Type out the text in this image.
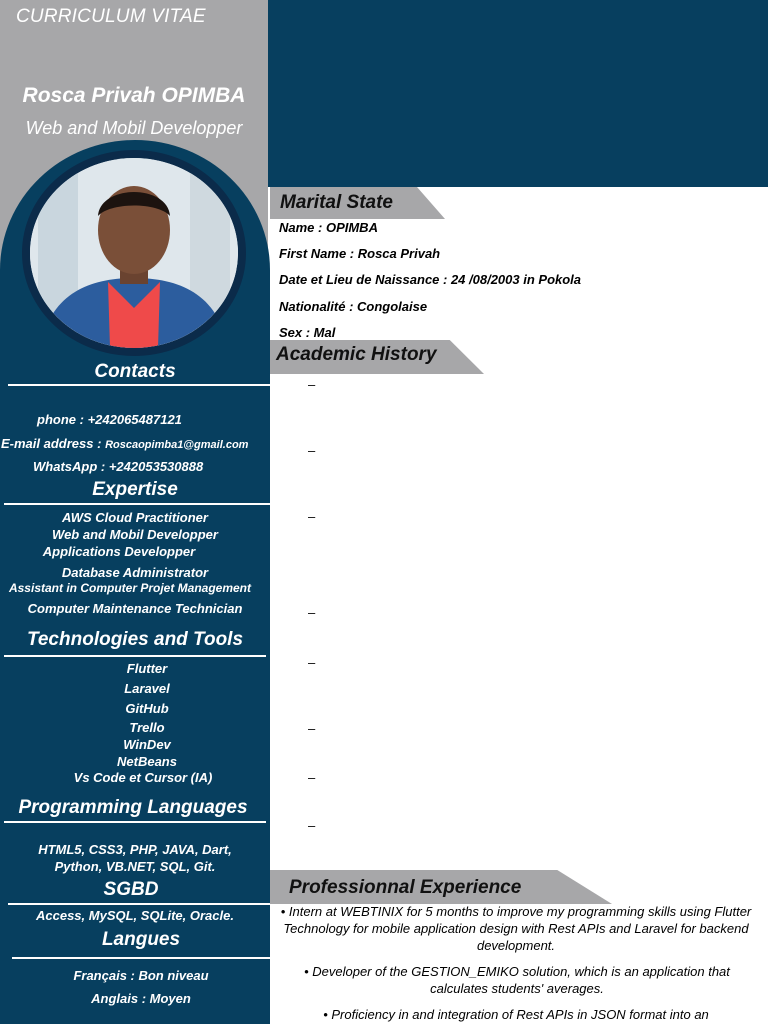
CURRICULUM VITAE
Rosca Privah OPIMBA
Web and Mobil Developper
Contacts
phone : +242065487121
E-mail address : Roscaopimba1@gmail.com
WhatsApp : +242053530888
Expertise
AWS Cloud Practitioner
Web and Mobil Developper
Applications Developper
Database Administrator
Assistant in Computer Projet Management
Computer Maintenance Technician
Technologies and Tools
Flutter
Laravel
GitHub
Trello
WinDev
NetBeans
Vs Code et Cursor (IA)
Programming Languages
HTML5, CSS3, PHP, JAVA, Dart,
Python, VB.NET, SQL, Git.
SGBD
Access, MySQL, SQLite, Oracle.
Langues
Français : Bon niveau
Anglais : Moyen
Marital State
Name : OPIMBA
First Name : Rosca Privah
Date et Lieu de Naissance : 24 /08/2003 in Pokola
Nationalité : Congolaise
Sex : Mal
Academic History
–
–
–
–
–
–
–
–
Professionnal Experience
• Intern at WEBTINIX for 5 months to improve my programming skills using Flutter Technology for mobile application design with Rest APIs and Laravel for backend development.
• Developer of the GESTION_EMIKO solution, which is an application that calculates students' averages.
• Proficiency in and integration of Rest APIs in JSON format into an
